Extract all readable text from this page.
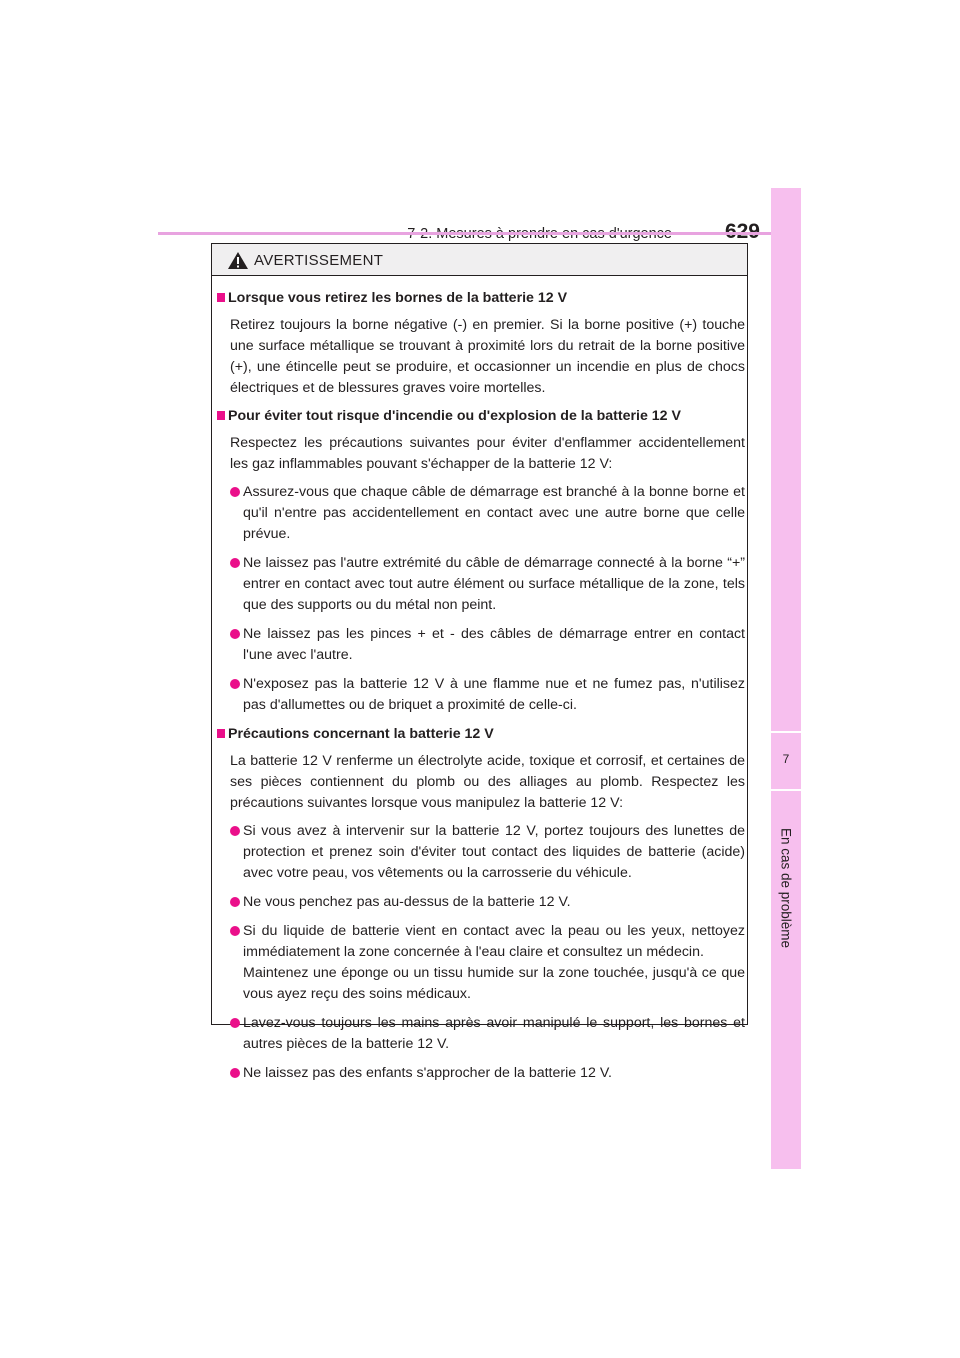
7
En cas de problème
AVERTISSEMENT
Lorsque vous retirez les bornes de la batterie 12 V
Retirez toujours la borne négative (-) en premier. Si la borne positive (+) touche une surface métallique se trouvant à proximité lors du retrait de la borne positive (+), une étincelle peut se produire, et occasionner un incendie en plus de chocs électriques et de blessures graves voire mortelles.
Pour éviter tout risque d'incendie ou d'explosion de la batterie 12 V
Respectez les précautions suivantes pour éviter d'enflammer accidentellement les gaz inflammables pouvant s'échapper de la batterie 12 V:
Assurez-vous que chaque câble de démarrage est branché à la bonne borne et qu'il n'entre pas accidentellement en contact avec une autre borne que celle prévue.
Ne laissez pas l'autre extrémité du câble de démarrage connecté à la borne “+” entrer en contact avec tout autre élément ou surface métallique de la zone, tels que des supports ou du métal non peint.
Ne laissez pas les pinces + et - des câbles de démarrage entrer en contact l'une avec l'autre.
N'exposez pas la batterie 12 V à une flamme nue et ne fumez pas, n'utilisez pas d'allumettes ou de briquet a proximité de celle-ci.
Précautions concernant la batterie 12 V
La batterie 12 V renferme un électrolyte acide, toxique et corrosif, et certaines de ses pièces contiennent du plomb ou des alliages au plomb. Respectez les précautions suivantes lorsque vous manipulez la batterie 12 V:
Si vous avez à intervenir sur la batterie 12 V, portez toujours des lunettes de protection et prenez soin d'éviter tout contact des liquides de batterie (acide) avec votre peau, vos vêtements ou la carrosserie du véhicule.
Ne vous penchez pas au-dessus de la batterie 12 V.
Si du liquide de batterie vient en contact avec la peau ou les yeux, nettoyez immédiatement la zone concernée à l'eau claire et consultez un médecin.
Maintenez une éponge ou un tissu humide sur la zone touchée, jusqu'à ce que vous ayez reçu des soins médicaux.
Lavez-vous toujours les mains après avoir manipulé le support, les bornes et autres pièces de la batterie 12 V.
Ne laissez pas des enfants s'approcher de la batterie 12 V.
